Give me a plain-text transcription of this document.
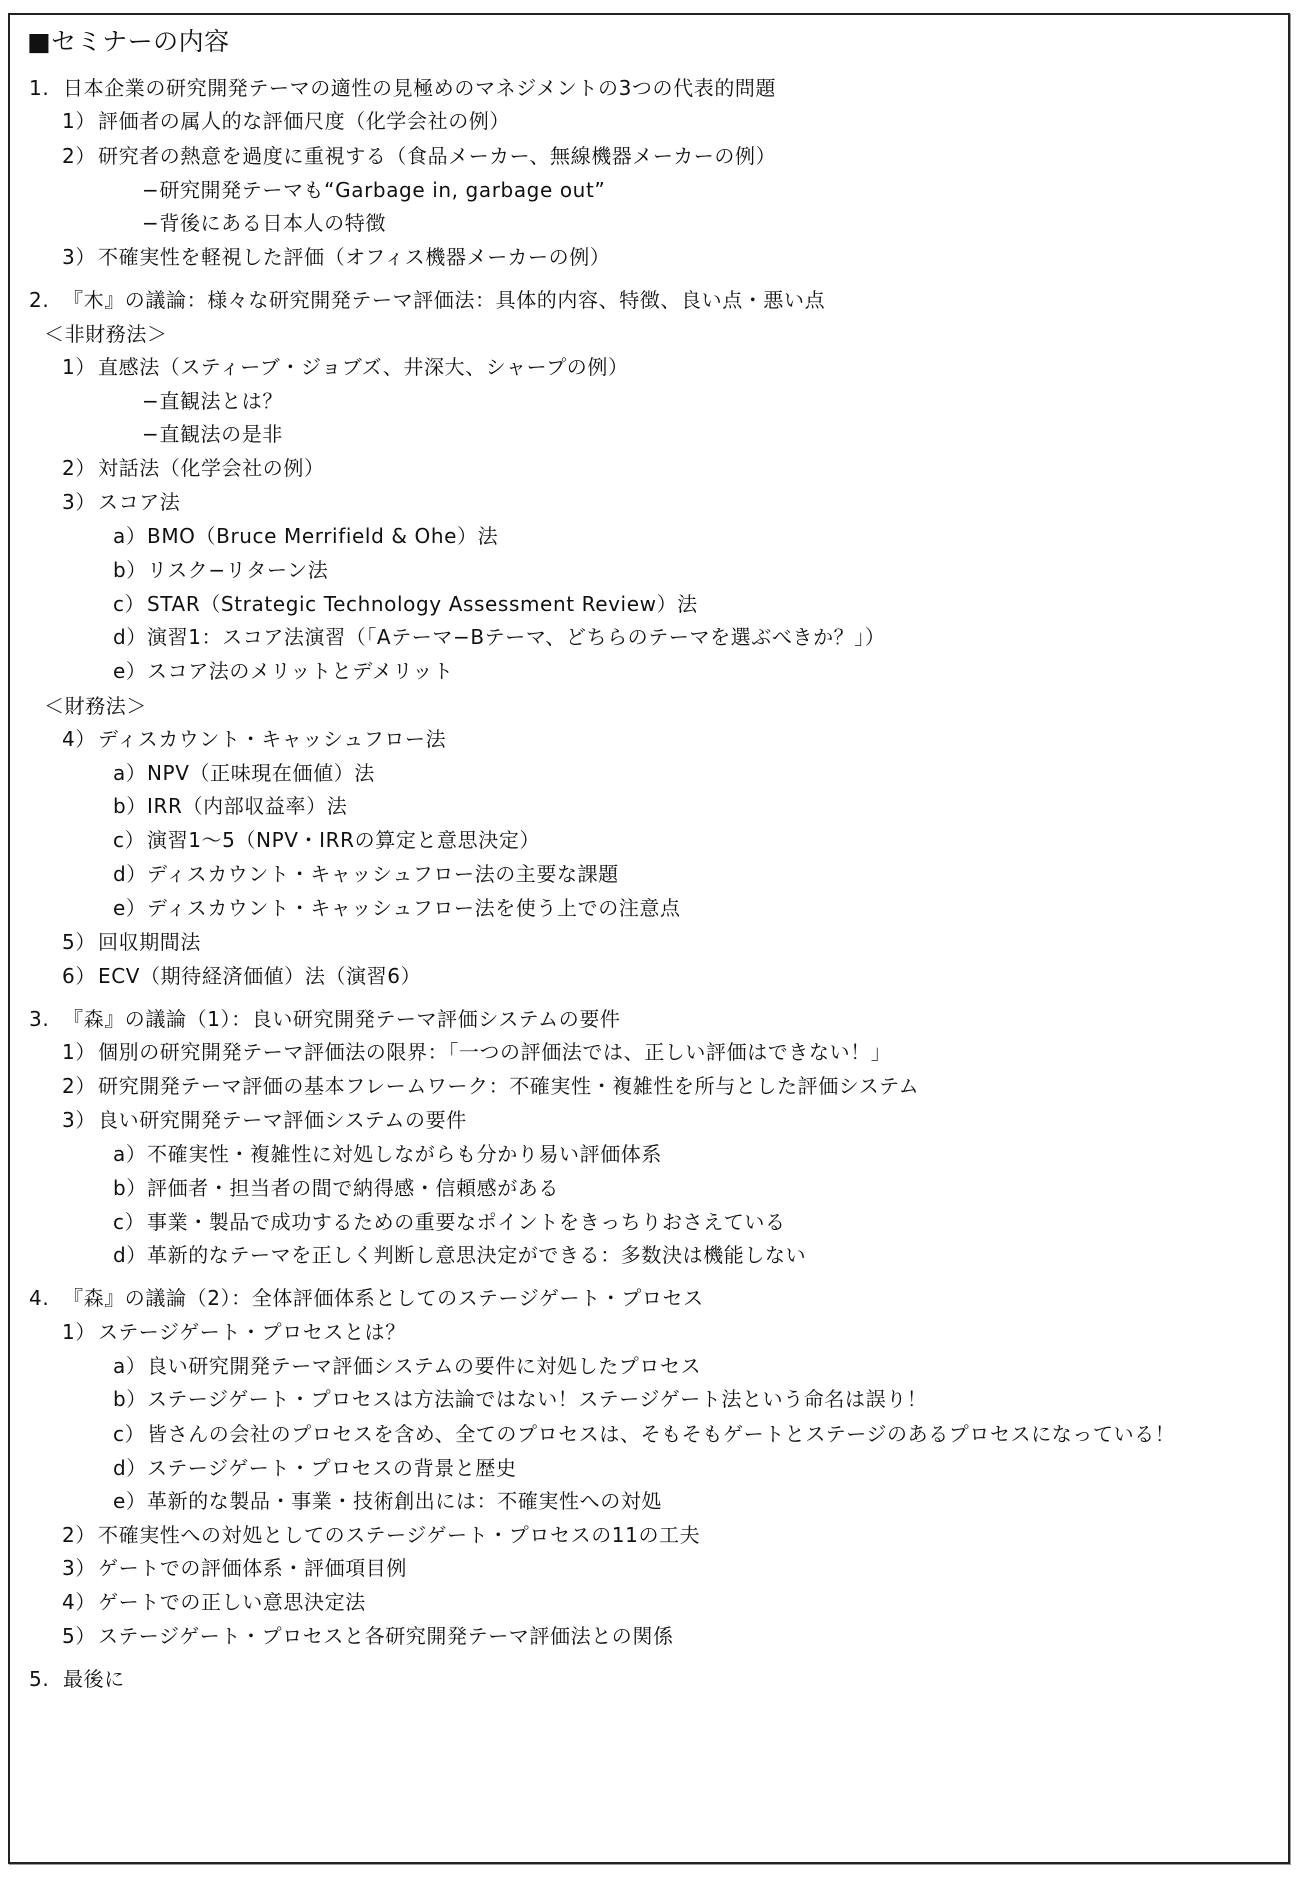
■セミナーの内容
1. 日本企業の研究開発テーマの適性の見極めのマネジメントの3つの代表的問題
1） 評価者の属人的な評価尺度（化学会社の例）
2） 研究者の熱意を過度に重視する（食品メーカー、無線機器メーカーの例）
−研究開発テーマも“Garbage in, garbage out”
−背後にある日本人の特徴
3） 不確実性を軽視した評価（オフィス機器メーカーの例）
2. 『木』の議論：様々な研究開発テーマ評価法：具体的内容、特徴、良い点・悪い点
＜非財務法＞
1） 直感法（スティーブ・ジョブズ、井深大、シャープの例）
−直観法とは？
−直観法の是非
2） 対話法（化学会社の例）
3） スコア法
a）BMO（Bruce Merrifield & Ohe）法
b）リスク−リターン法
c）STAR（Strategic Technology Assessment Review）法
d）演習1：スコア法演習（「Aテーマ−Bテーマ、どちらのテーマを選ぶべきか？」）
e）スコア法のメリットとデメリット
＜財務法＞
4） ディスカウント・キャッシュフロー法
a）NPV（正味現在価値）法
b）IRR（内部収益率）法
c）演習1～5（NPV・IRRの算定と意思決定）
d）ディスカウント・キャッシュフロー法の主要な課題
e）ディスカウント・キャッシュフロー法を使う上での注意点
5） 回収期間法
6） ECV（期待経済価値）法（演習6）
3. 『森』の議論（1）：良い研究開発テーマ評価システムの要件
1） 個別の研究開発テーマ評価法の限界：「一つの評価法では、正しい評価はできない！」
2） 研究開発テーマ評価の基本フレームワーク：不確実性・複雑性を所与とした評価システム
3） 良い研究開発テーマ評価システムの要件
a）不確実性・複雑性に対処しながらも分かり易い評価体系
b）評価者・担当者の間で納得感・信頼感がある
c）事業・製品で成功するための重要なポイントをきっちりおさえている
d）革新的なテーマを正しく判断し意思決定ができる：多数決は機能しない
4. 『森』の議論（2）：全体評価体系としてのステージゲート・プロセス
1） ステージゲート・プロセスとは？
a）良い研究開発テーマ評価システムの要件に対処したプロセス
b）ステージゲート・プロセスは方法論ではない！ステージゲート法という命名は誤り！
c）皆さんの会社のプロセスを含め、全てのプロセスは、そもそもゲートとステージのあるプロセスになっている！
d）ステージゲート・プロセスの背景と歴史
e）革新的な製品・事業・技術創出には：不確実性への対処
2） 不確実性への対処としてのステージゲート・プロセスの11の工夫
3） ゲートでの評価体系・評価項目例
4） ゲートでの正しい意思決定法
5） ステージゲート・プロセスと各研究開発テーマ評価法との関係
5. 最後に
